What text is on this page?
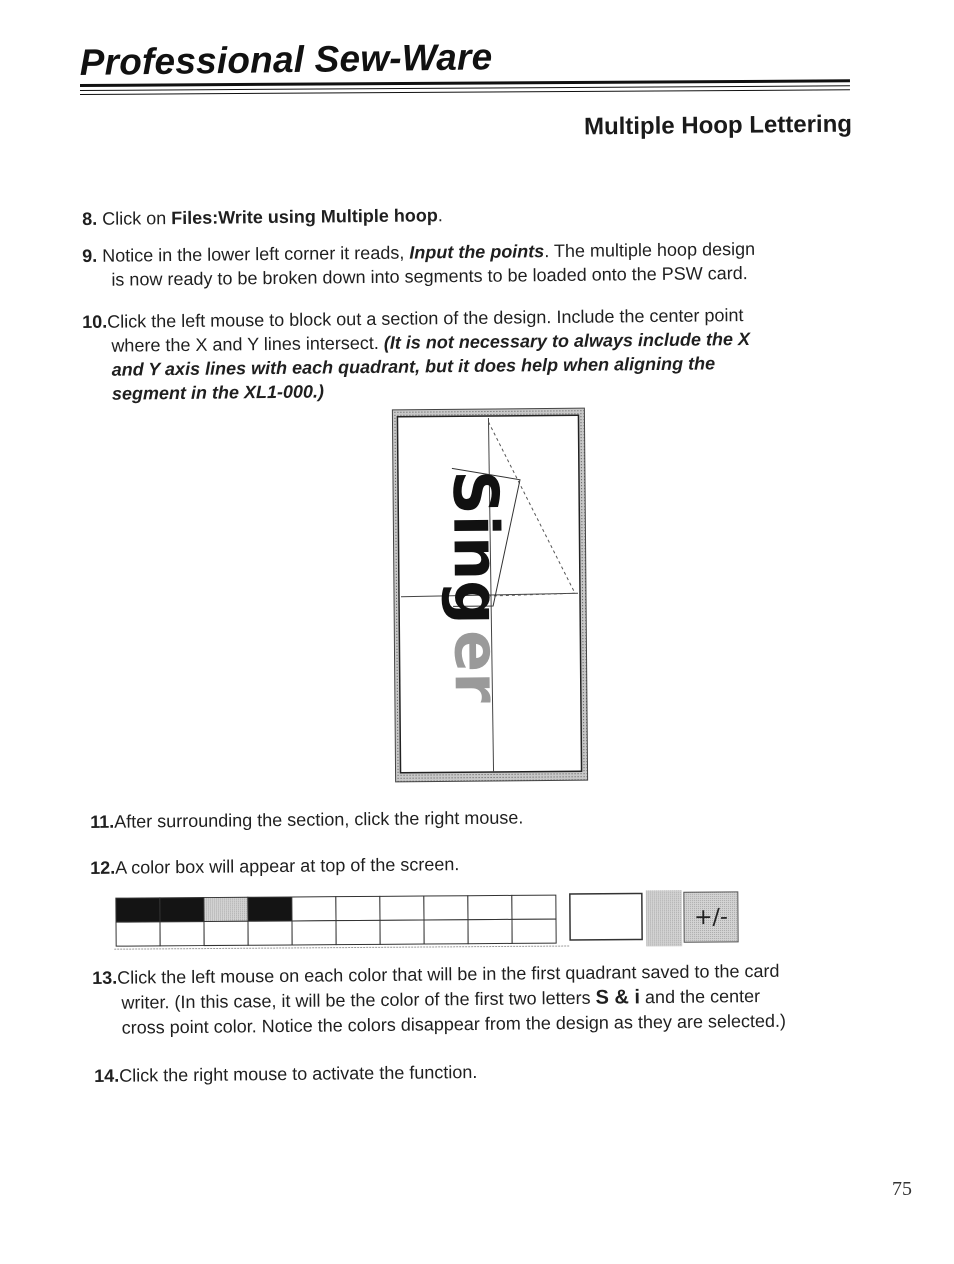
Professional Sew-Ware
Multiple Hoop Lettering
8. Click on Files:Write using Multiple hoop.
9. Notice in the lower left corner it reads, Input the points. The multiple hoop design
is now ready to be broken down into segments to be loaded onto the PSW card.
10.Click the left mouse to block out a section of the design. Include the center point
where the X and Y lines intersect. (It is not necessary to always include the X
and Y axis lines with each quadrant, but it does help when aligning the
segment in the XL1-000.)
Sing
er
11.After surrounding the section, click the right mouse.
12.A color box will appear at top of the screen.
+/-
13.Click the left mouse on each color that will be in the first quadrant saved to the card
writer. (In this case, it will be the color of the first two letters S & i and the center
cross point color. Notice the colors disappear from the design as they are selected.)
14.Click the right mouse to activate the function.
75
